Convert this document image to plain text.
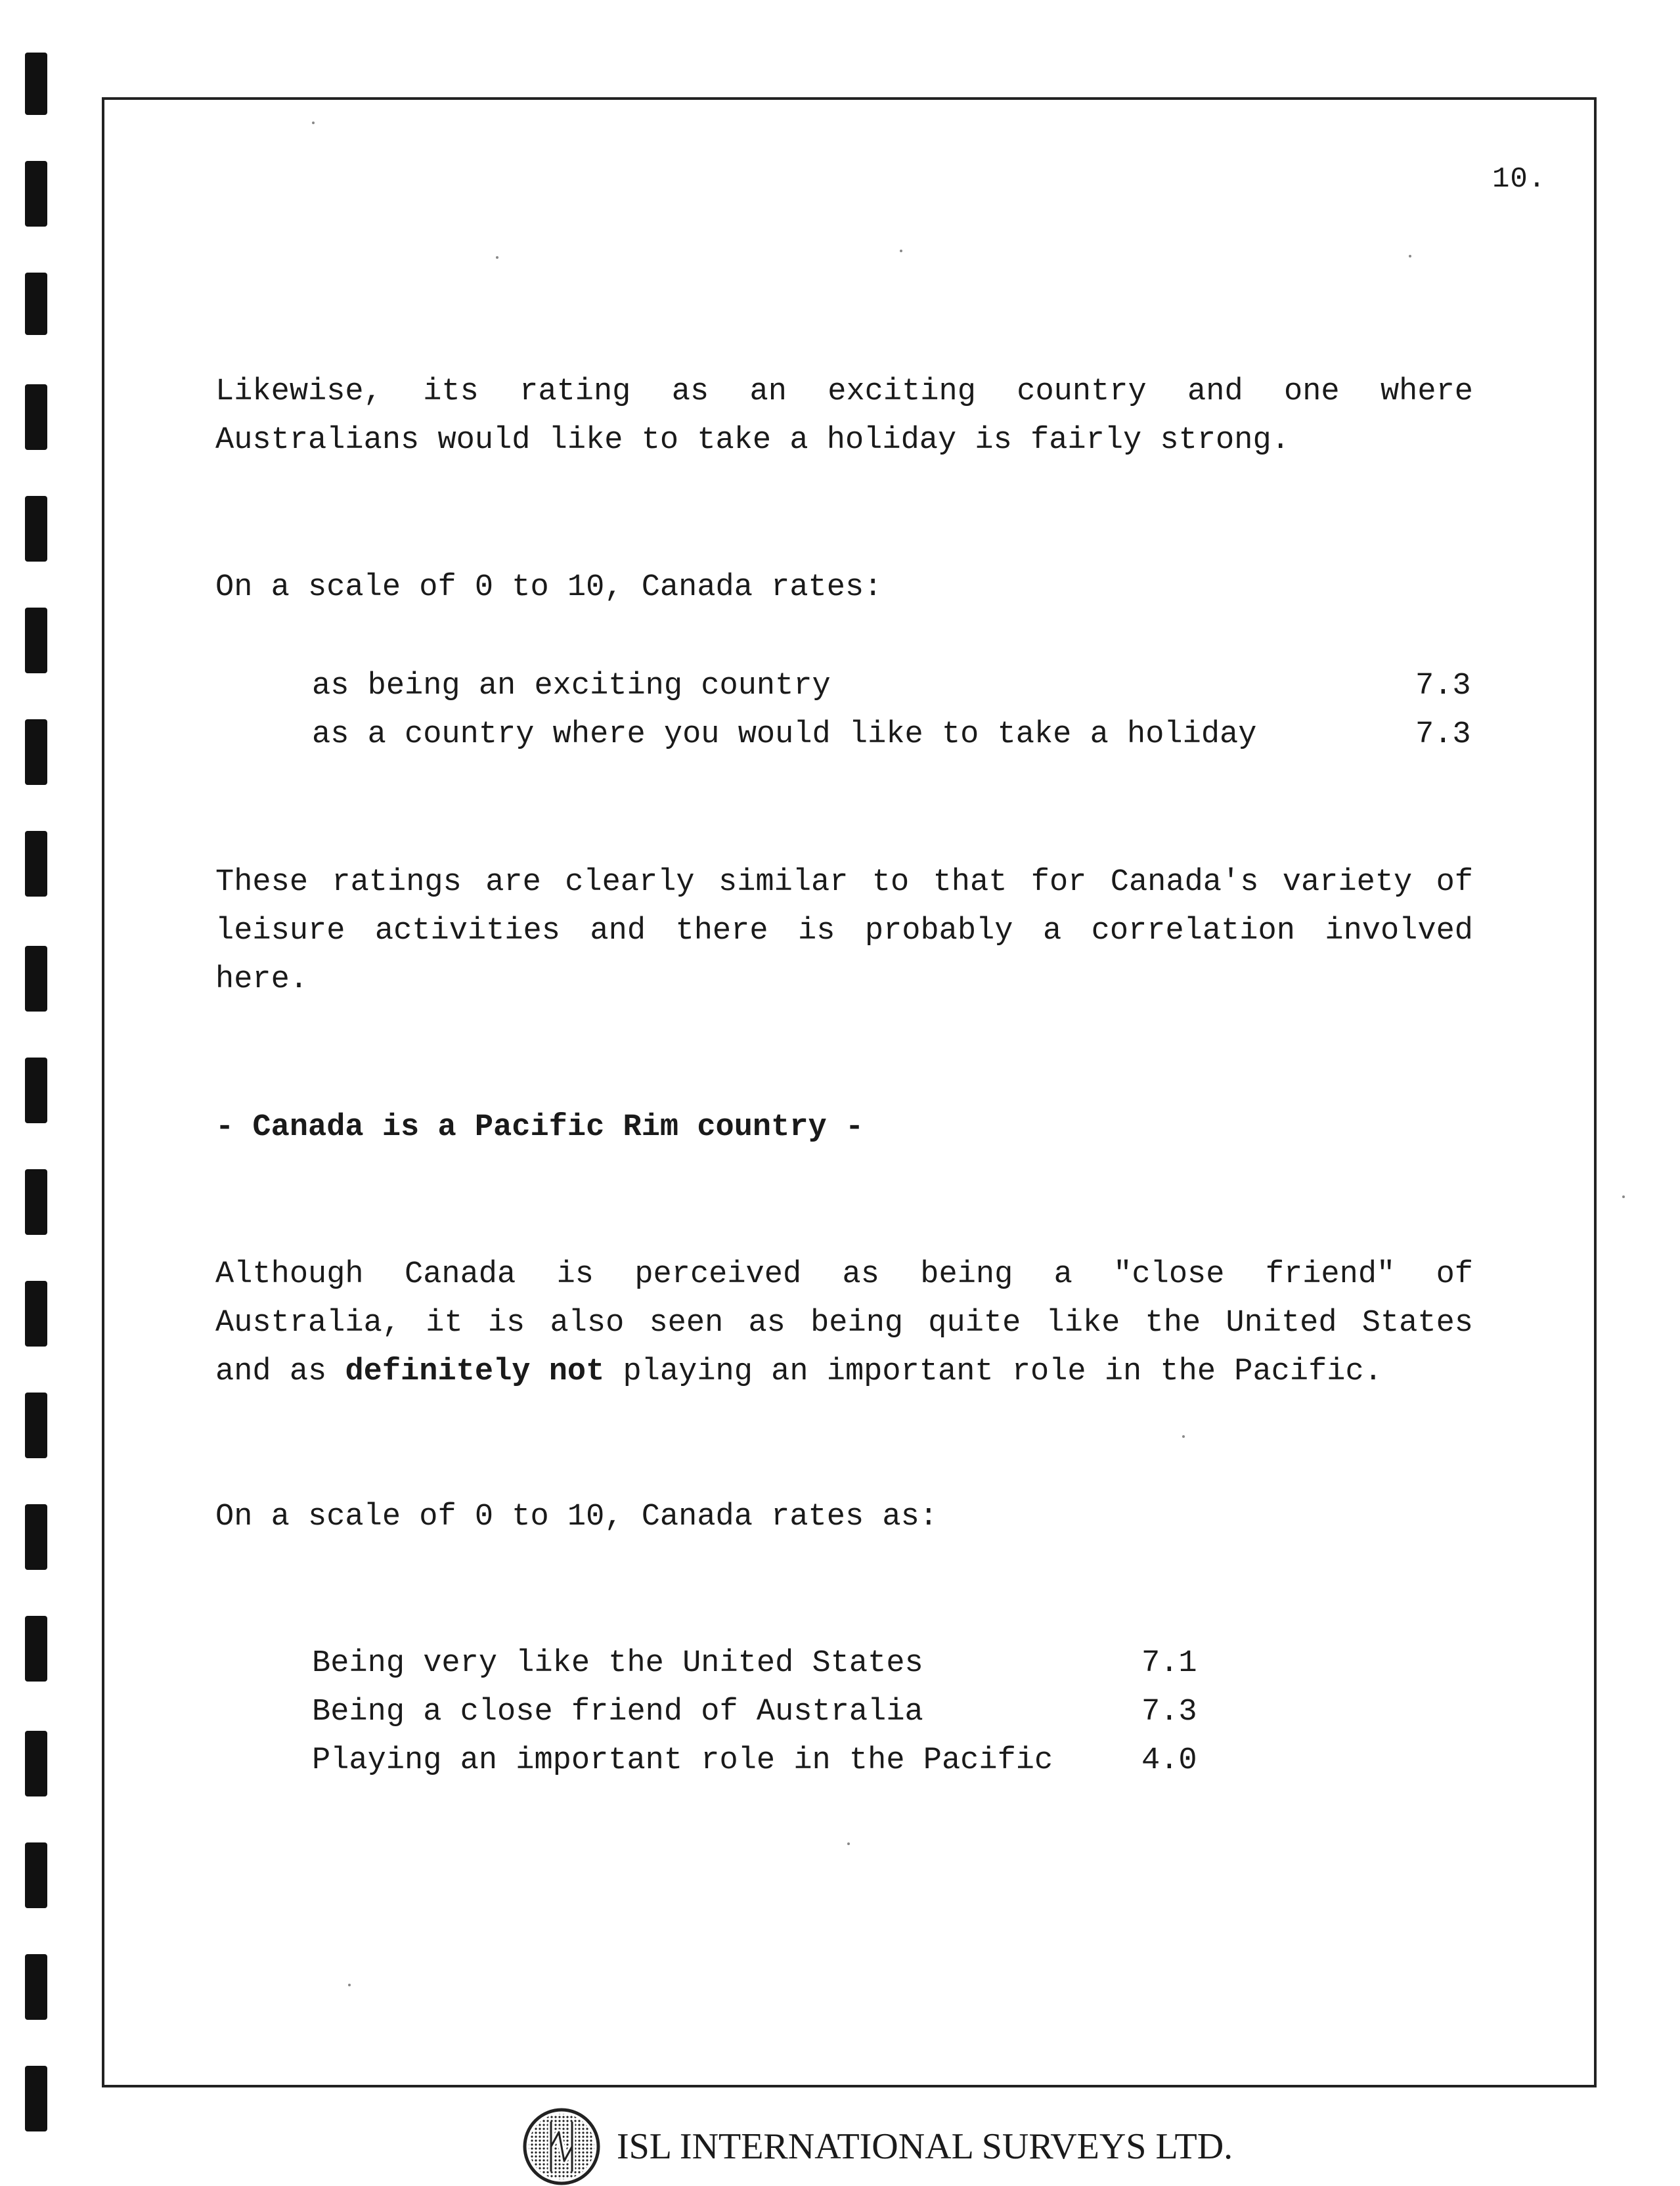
10.
Likewise, its rating as an exciting country and one where
Australians would like to take a holiday is fairly strong.
On a scale of 0 to 10, Canada rates:
as being an exciting country	7.3
as a country where you would like to take a holiday	7.3
These ratings are clearly similar to that for Canada's variety of
leisure activities and there is probably a correlation involved
here.
- Canada is a Pacific Rim country -
Although Canada is perceived as being a "close friend" of
Australia, it is also seen as being quite like the United States
and as definitely not playing an important role in the Pacific.
On a scale of 0 to 10, Canada rates as:
Being very like the United States	7.1
Being a close friend of Australia	7.3
Playing an important role in the Pacific	4.0
ISL INTERNATIONAL SURVEYS LTD.
